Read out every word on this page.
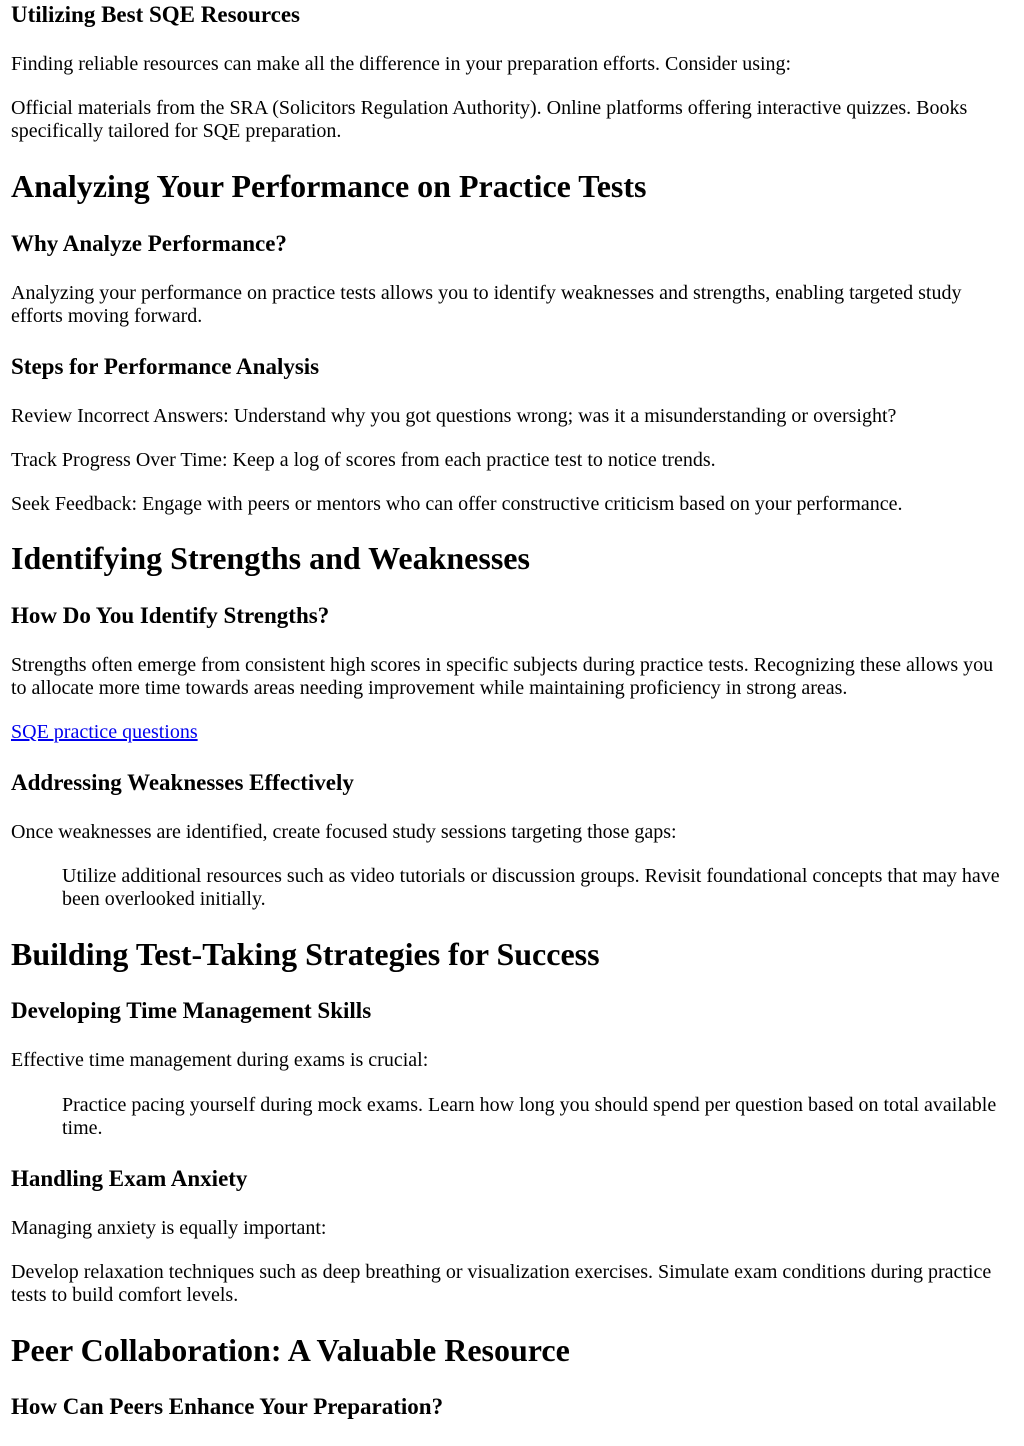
Utilizing Best SQE Resources

Finding reliable resources can make all the difference in your preparation efforts. Consider using:

Official materials from the SRA (Solicitors Regulation Authority). Online platforms offering interactive quizzes. Books specifically tailored for SQE preparation.

Analyzing Your Performance on Practice Tests
Why Analyze Performance?

Analyzing your performance on practice tests allows you to identify weaknesses and strengths, enabling targeted study efforts moving forward.

Steps for Performance Analysis

Review Incorrect Answers: Understand why you got questions wrong; was it a misunderstanding or oversight?

Track Progress Over Time: Keep a log of scores from each practice test to notice trends.

Seek Feedback: Engage with peers or mentors who can offer constructive criticism based on your performance.

Identifying Strengths and Weaknesses
How Do You Identify Strengths?

Strengths often emerge from consistent high scores in specific subjects during practice tests. Recognizing these allows you to allocate more time towards areas needing improvement while maintaining proficiency in strong areas.

SQE practice questions

Addressing Weaknesses Effectively

Once weaknesses are identified, create focused study sessions targeting those gaps:

Utilize additional resources such as video tutorials or discussion groups. Revisit foundational concepts that may have been overlooked initially.

Building Test-Taking Strategies for Success
Developing Time Management Skills

Effective time management during exams is crucial:

Practice pacing yourself during mock exams. Learn how long you should spend per question based on total available time.

Handling Exam Anxiety

Managing anxiety is equally important:

Develop relaxation techniques such as deep breathing or visualization exercises. Simulate exam conditions during practice tests to build comfort levels.

Peer Collaboration: A Valuable Resource
How Can Peers Enhance Your Preparation?
